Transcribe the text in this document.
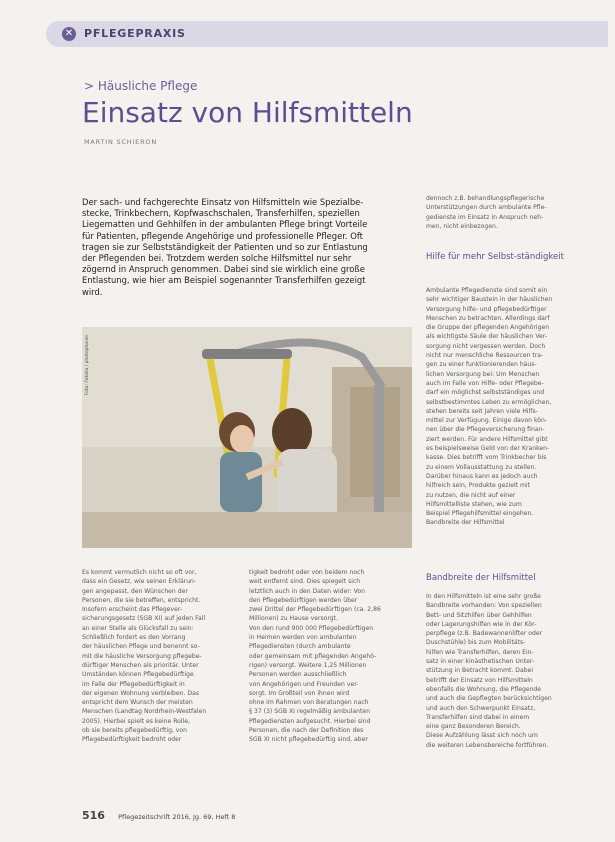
✕ PFLEGEPRAXIS
> Häusliche Pflege
Einsatz von Hilfsmitteln
MARTIN SCHIERON
Der sach- und fachgerechte Einsatz von Hilfsmitteln wie Spezialbe-
stecke, Trinkbechern, Kopfwaschschalen, Transferhilfen, speziellen
Liegematten und Gehhilfen in der ambulanten Pflege bringt Vorteile
für Patienten, pflegende Angehörige und professionelle Pfleger. Oft
tragen sie zur Selbstständigkeit der Patienten und so zur Entlastung
der Pflegenden bei. Trotzdem werden solche Hilfsmittel nur sehr
zögernd in Anspruch genommen. Dabei sind sie wirklich eine große
Entlastung, wie hier am Beispiel sogenannter Transferhilfen gezeigt
wird.
Foto: Fotolia / photophonie
Es kommt vermutlich nicht so oft vor,
dass ein Gesetz, wie seinen Erklärun-
gen angepasst, den Wünschen der
Personen, die sie betreffen, entspricht.
Insofern erscheint das Pflegever-
sicherungsgesetz (SGB XI) auf jeden Fall
an einer Stelle als Glücksfall zu sein:
Schließlich fordert es den Vorrang
der häuslichen Pflege und benennt so-
mit die häusliche Versorgung pflegebe-
dürftiger Menschen als prioritär. Unter
Umständen können Pflegebedürftige
im Falle der Pflegebedürftigkeit in
der eigenen Wohnung verbleiben. Das
entspricht dem Wunsch der meisten
Menschen (Landtag Nordrhein-Westfalen
2005). Hierbei spielt es keine Rolle,
ob sie bereits pflegebedürftig, von
Pflegebedürftigkeit bedroht oder
tigkeit bedroht oder von beidem noch
weit entfernt sind. Dies spiegelt sich
letztlich auch in den Daten wider: Von
den Pflegebedürftigen werden über
zwei Drittel der Pflegebedürftigen (ca. 2,86
Millionen) zu Hause versorgt.
Von den rund 900 000 Pflegebedürftigen
in Heimen werden von ambulanten
Pflegediensten (durch ambulante
oder gemeinsam mit pflegenden Angehö-
rigen) versorgt. Weitere 1,25 Millionen
Personen werden ausschließlich
von Angehörigen und Freunden ver-
sorgt. Im Großteil von ihnen wird
ohne im Rahmen von Beratungen nach
§ 37 (3) SGB XI regelmäßig ambulanten
Pflegediensten aufgesucht. Hierbei sind
Personen, die nach der Definition des
SGB XI nicht pflegebedürftig sind, aber
dennoch z.B. behandlungspflegerische
Unterstützungen durch ambulante Pfle-
gedienste im Einsatz in Anspruch neh-
men, nicht einbezogen.
Hilfe für mehr Selbst-ständigkeit
Ambulante Pflegedienste sind somit ein
sehr wichtiger Baustein in der häuslichen
Versorgung hilfe- und pflegebedürftiger
Menschen zu betrachten. Allerdings darf
die Gruppe der pflegenden Angehörigen
als wichtigste Säule der häuslichen Ver-
sorgung nicht vergessen werden. Doch
nicht nur menschliche Ressourcen tra-
gen zu einer funktionierenden häus-
lichen Versorgung bei: Um Menschen
auch im Falle von Hilfe- oder Pflegebe-
darf ein möglichst selbstständiges und
selbstbestimmtes Leben zu ermöglichen,
stehen bereits seit Jahren viele Hilfs-
mittel zur Verfügung. Einige davon kön-
nen über die Pflegeversicherung finan-
ziert werden. Für andere Hilfsmittel gibt
es beispielsweise Geld von der Kranken-
kasse. Dies betrifft vom Trinkbecher bis
zu einem Vollausstattung zu stellen.
Darüber hinaus kann es jedoch auch
hilfreich sein, Produkte gezielt mit
zu nutzen, die nicht auf einer
Hilfsmittelliste stehen, wie zum
Beispiel Pflegehilfsmittel eingehen.
Bandbreite der Hilfsmittel
Bandbreite der Hilfsmittel
In den Hilfsmitteln ist eine sehr große
Bandbreite vorhanden: Von speziellen
Bett- und Sitzhilfen über Gehhilfen
oder Lagerungshilfen wie in der Kör-
perpflege (z.B. Badewannenlifter oder
Duschstühle) bis zum Mobilitäts-
hilfen wie Transferhilfen, deren Ein-
satz in einer kinästhetischen Unter-
stützung in Betracht kommt. Dabei
betrifft der Einsatz von Hilfsmitteln
ebenfalls die Wohnung, die Pflegende
und auch die Gepflegten berücksichtigen
und auch den Schwerpunkt Einsatz,
Transferhilfen sind dabei in einem
eine ganz Besonderen Bereich.
Diese Aufzählung lässt sich noch um
die weiteren Lebensbereiche fortführen.
516 Pflegezeitschrift 2016, Jg. 69, Heft 8
